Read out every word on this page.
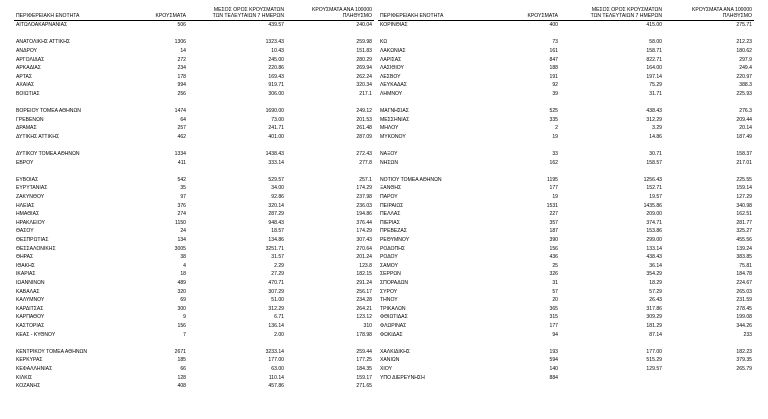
		ΜΕΣΟΣ ΟΡΟΣ ΚΡΟΥΣΜΑΤΩΝ	ΚΡΟΥΣΜΑΤΑ ΑΝΑ 100000
ΠΕΡΙΦΕΡΕΙΑΚΗ ΕΝΟΤΗΤΑ	ΚΡΟΥΣΜΑΤΑ	ΤΩΝ ΤΕΛΕΥΤΑΙΩΝ 7 ΗΜΕΡΩΝ	ΠΛΗΘΥΣΜΟ
ΑΙΤΩΛΟΑΚΑΡΝΑΝΙΑΣ	506	439.57	240.04

ΑΝΑΤΟΛΙΚΗΣ ΑΤΤΙΚΗΣ	1306	1323.43	259.98
ΑΝΔΡΟΥ	14	10.43	151.83
ΑΡΓΟΛΙΔΑΣ	272	245.00	280.29
ΑΡΚΑΔΙΑΣ	234	220.86	269.94
ΑΡΤΑΣ	178	169.43	262.24
ΑΧΑΪΑΣ	994	919.71	320.34
ΒΟΙΩΤΙΑΣ	256	306.00	217.1

ΒΟΡΕΙΟΥ ΤΟΜΕΑ ΑΘΗΝΩΝ	1474	1690.00	249.12
ΓΡΕΒΕΝΩΝ	64	73.00	201.53
ΔΡΑΜΑΣ	257	241.71	261.48
ΔΥΤΙΚΗΣ ΑΤΤΙΚΗΣ	462	401.00	287.09

ΔΥΤΙΚΟΥ ΤΟΜΕΑ ΑΘΗΝΩΝ	1334	1438.43	272.43
ΕΒΡΟΥ	411	333.14	277.8

ΕΥΒΟΙΑΣ	542	529.57	257.1
ΕΥΡΥΤΑΝΙΑΣ	35	34.00	174.29
ΖΑΚΥΝΘΟΥ	97	92.86	237.98
ΗΛΕΙΑΣ	376	320.14	236.03
ΗΜΑΘΙΑΣ	274	287.29	194.86
ΗΡΑΚΛΕΙΟΥ	1150	948.43	376.44
ΘΑΣΟΥ	24	18.57	174.29
ΘΕΣΠΡΩΤΙΑΣ	134	134.86	307.43
ΘΕΣΣΑΛΟΝΙΚΗΣ	3005	3251.71	270.64
ΘΗΡΑΣ	38	31.57	201.24
ΙΘΑΚΗΣ	4	2.29	123.8
ΙΚΑΡΙΑΣ	18	27.29	182.15
ΙΩΑΝΝΙΝΩΝ	489	470.71	291.24
ΚΑΒΑΛΑΣ	320	307.29	256.17
ΚΑΛΥΜΝΟΥ	69	51.00	234.28
ΚΑΡΔΙΤΣΑΣ	300	312.29	264.21
ΚΑΡΠΑΘΟΥ	9	6.71	123.12
ΚΑΣΤΟΡΙΑΣ	156	136.14	310
ΚΕΑΣ - ΚΥΘΝΟΥ	7	2.00	178.98

ΚΕΝΤΡΙΚΟΥ ΤΟΜΕΑ ΑΘΗΝΩΝ	2671	3233.14	259.44
ΚΕΡΚΥΡΑΣ	185	177.00	177.25
ΚΕΦΑΛΛΗΝΙΑΣ	66	63.00	184.35
ΚΙΛΚΙΣ	128	110.14	159.17
ΚΟΖΑΝΗΣ	408	457.86	271.65
		ΜΕΣΟΣ ΟΡΟΣ ΚΡΟΥΣΜΑΤΩΝ	ΚΡΟΥΣΜΑΤΑ ΑΝΑ 100000
ΠΕΡΙΦΕΡΕΙΑΚΗ ΕΝΟΤΗΤΑ	ΚΡΟΥΣΜΑΤΑ	ΤΩΝ ΤΕΛΕΥΤΑΙΩΝ 7 ΗΜΕΡΩΝ	ΠΛΗΘΥΣΜΟ
ΚΟΡΙΝΘΙΑΣ	400	415.00	275.71

ΚΩ	73	58.00	212.23
ΛΑΚΩΝΙΑΣ	161	158.71	180.62
ΛΑΡΙΣΑΣ	847	822.71	297.9
ΛΑΣΙΘΙΟΥ	188	164.00	249.4
ΛΕΣΒΟΥ	191	197.14	220.97
ΛΕΥΚΑΔΑΣ	92	75.29	388.3
ΛΗΜΝΟΥ	39	31.71	225.93

ΜΑΓΝΗΣΙΑΣ	525	438.43	276.3
ΜΕΣΣΗΝΙΑΣ	335	312.29	209.44
ΜΗΛΟΥ	2	3.29	20.14
ΜΥΚΟΝΟΥ	19	14.86	187.49

ΝΑΞΟΥ	33	30.71	158.37
ΝΗΣΩΝ	162	158.57	217.01

ΝΟΤΙΟΥ ΤΟΜΕΑ ΑΘΗΝΩΝ	1195	1256.43	225.55
ΞΑΝΘΗΣ	177	152.71	159.14
ΠΑΡΟΥ	19	19.57	127.29
ΠΕΙΡΑΙΩΣ	1531	1435.86	340.98
ΠΕΛΛΑΣ	227	209.00	162.51
ΠΙΕΡΙΑΣ	357	374.71	281.77
ΠΡΕΒΕΖΑΣ	187	153.86	325.27
ΡΕΘΥΜΝΟΥ	390	299.00	455.56
ΡΟΔΟΠΗΣ	156	133.14	139.24
ΡΟΔΟΥ	436	438.43	383.85
ΣΑΜΟΥ	25	36.14	75.81
ΣΕΡΡΩΝ	326	354.29	184.78
ΣΠΟΡΑΔΩΝ	31	18.29	224.67
ΣΥΡΟΥ	57	57.29	265.03
ΤΗΝΟΥ	20	26.43	231.59
ΤΡΙΚΑΛΩΝ	365	317.86	278.45
ΦΘΙΩΤΙΔΑΣ	315	309.29	199.08
ΦΛΩΡΙΝΑΣ	177	181.29	344.26
ΦΩΚΙΔΑΣ	94	87.14	233

ΧΑΛΚΙΔΙΚΗΣ	193	177.00	182.23
ΧΑΝΙΩΝ	594	515.29	379.35
ΧΙΟΥ	140	129.57	265.79
ΥΠΟ ΔΙΕΡΕΥΝΗΣΗ	884		
